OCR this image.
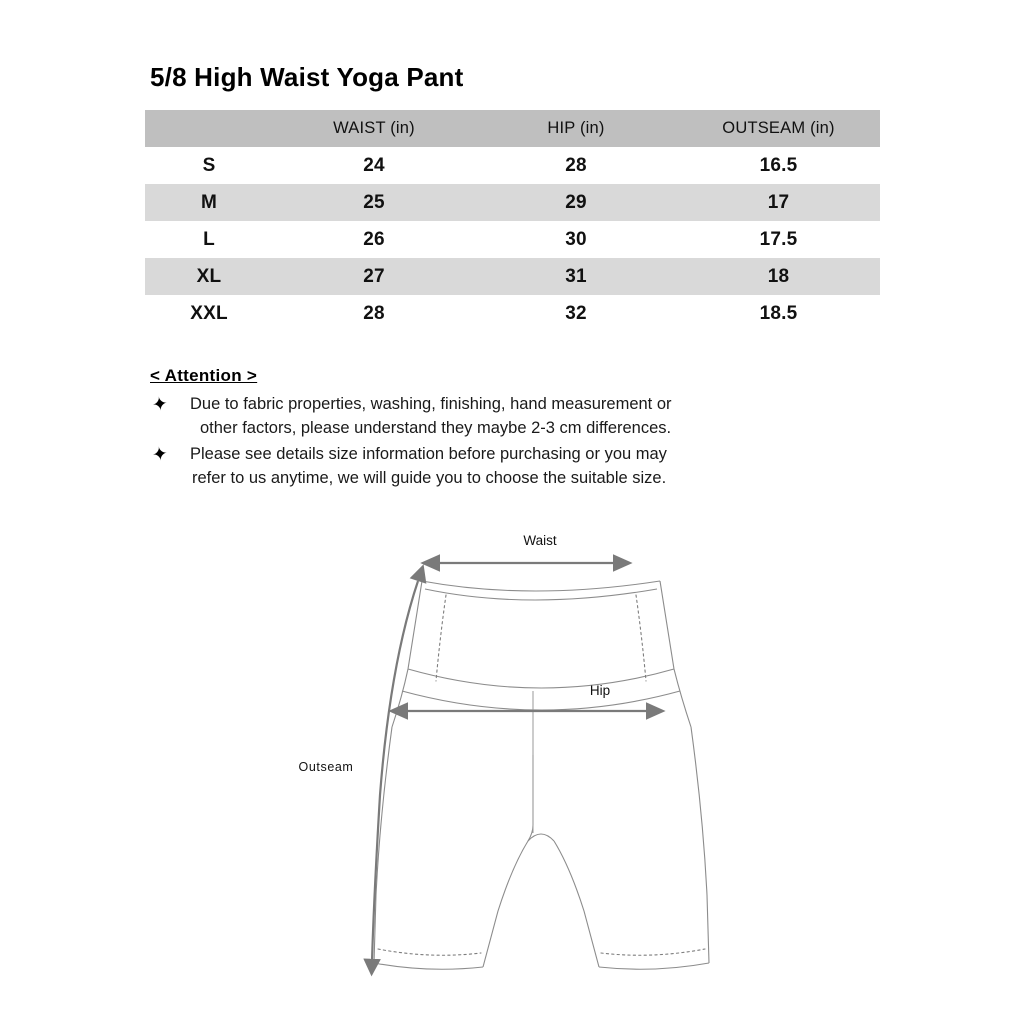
5/8 High Waist Yoga Pant
	WAIST (in)	HIP (in)	OUTSEAM (in)
S	24	28	16.5
M	25	29	17
L	26	30	17.5
XL	27	31	18
XXL	28	32	18.5
< Attention >
✦	Due to fabric properties, washing, finishing, hand measurement or
other factors, please understand they maybe 2-3 cm differences.
✦	Please see details size information before purchasing or you may
refer to us anytime, we will guide you to choose the suitable size.
Waist
Hip
Outseam
